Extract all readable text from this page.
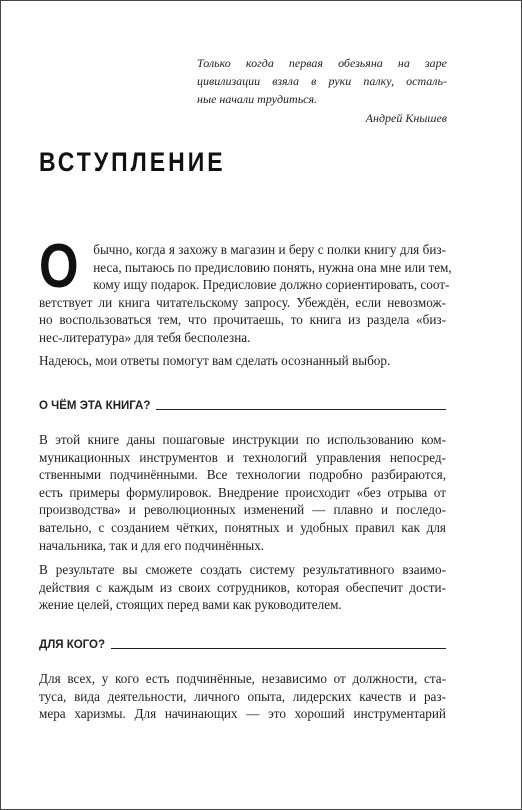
Только когда первая обезьяна на заре
цивилизации взяла в руки палку, осталь-
ные начали трудиться.
Андрей Кнышев
ВСТУПЛЕНИЕ
О	бычно, когда я захожу в магазин и беру с полки книгу для биз-
неса, пытаюсь по предисловию понять, нужна она мне или тем,
кому ищу подарок. Предисловие должно сориентировать, соот-
ветствует ли книга читательскому запросу. Убеждён, если невозмож-
но воспользоваться тем, что прочитаешь, то книга из раздела «биз-
нес-литература» для тебя бесполезна.
Надеюсь, мои ответы помогут вам сделать осознанный выбор.
О ЧЁМ ЭТА КНИГА?
В этой книге даны пошаговые инструкции по использованию ком-
муникационных инструментов и технологий управления непосред-
ственными подчинёнными. Все технологии подробно разбираются,
есть примеры формулировок. Внедрение происходит «без отрыва от
производства» и революционных изменений — плавно и последо-
вательно, с созданием чётких, понятных и удобных правил как для
начальника, так и для его подчинённых.
В результате вы сможете создать систему результативного взаимо-
действия с каждым из своих сотрудников, которая обеспечит дости-
жение целей, стоящих перед вами как руководителем.
ДЛЯ КОГО?
Для всех, у кого есть подчинённые, независимо от должности, ста-
туса, вида деятельности, личного опыта, лидерских качеств и раз-
мера харизмы. Для начинающих — это хороший инструментарий
